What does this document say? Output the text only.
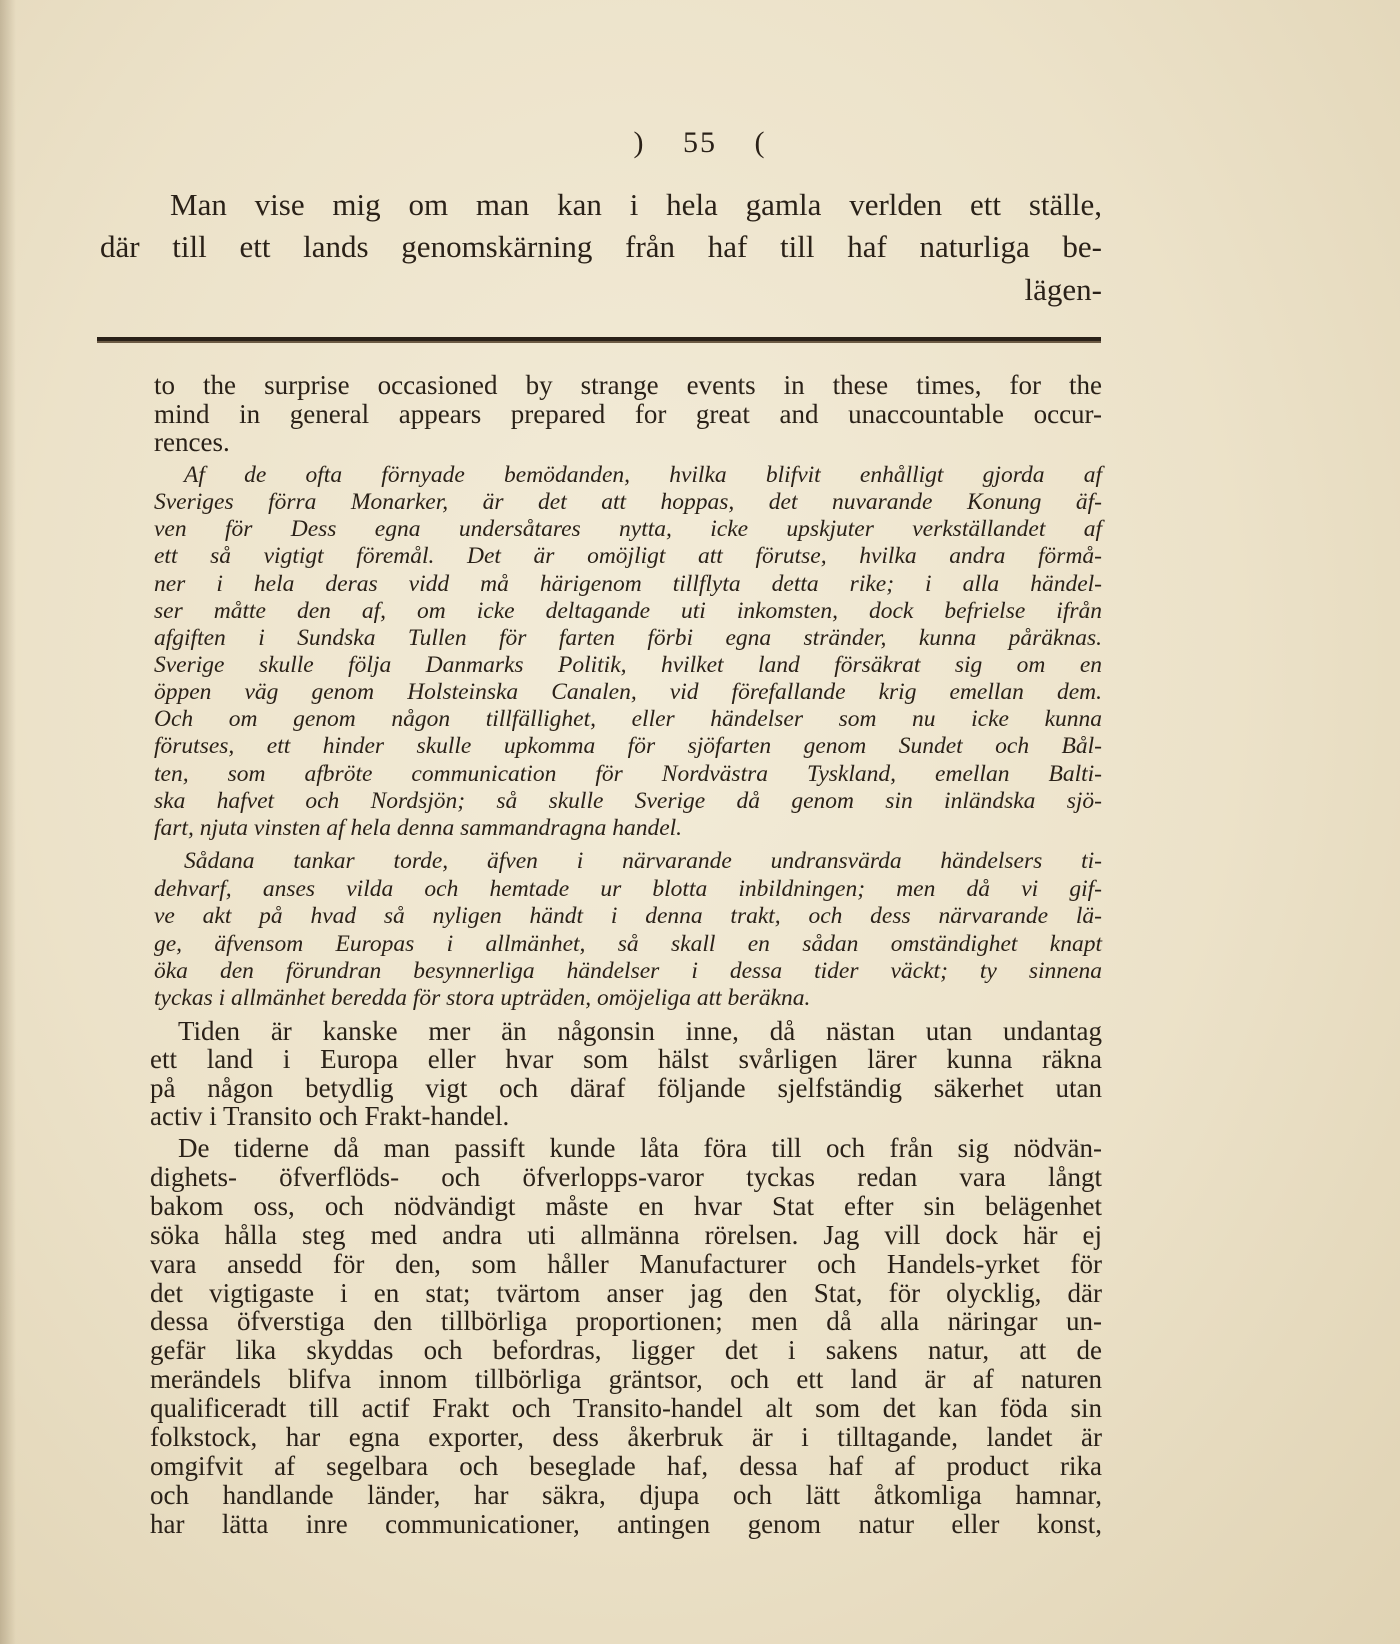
) 55 (
Man vise mig om man kan i hela gamla verlden ett ställe,
där till ett lands genomskärning från haf till haf naturliga be-
lägen-
to the surprise occasioned by strange events in these times, for the
mind in general appears prepared for great and unaccountable occur-
rences.
Af de ofta förnyade bemödanden, hvilka blifvit enhålligt gjorda af
Sveriges förra Monarker, är det att hoppas, det nuvarande Konung äf-
ven för Dess egna undersåtares nytta, icke upskjuter verkställandet af
ett så vigtigt föremål. Det är omöjligt att förutse, hvilka andra förmå-
ner i hela deras vidd må härigenom tillflyta detta rike; i alla händel-
ser måtte den af, om icke deltagande uti inkomsten, dock befrielse ifrån
afgiften i Sundska Tullen för farten förbi egna stränder, kunna påräknas.
Sverige skulle följa Danmarks Politik, hvilket land försäkrat sig om en
öppen väg genom Holsteinska Canalen, vid förefallande krig emellan dem.
Och om genom någon tillfällighet, eller händelser som nu icke kunna
förutses, ett hinder skulle upkomma för sjöfarten genom Sundet och Bål-
ten, som afbröte communication för Nordvästra Tyskland, emellan Balti-
ska hafvet och Nordsjön; så skulle Sverige då genom sin inländska sjö-
fart, njuta vinsten af hela denna sammandragna handel.
Sådana tankar torde, äfven i närvarande undransvärda händelsers ti-
dehvarf, anses vilda och hemtade ur blotta inbildningen; men då vi gif-
ve akt på hvad så nyligen händt i denna trakt, och dess närvarande lä-
ge, äfvensom Europas i allmänhet, så skall en sådan omständighet knapt
öka den förundran besynnerliga händelser i dessa tider väckt; ty sinnena
tyckas i allmänhet beredda för stora upträden, omöjeliga att beräkna.
Tiden är kanske mer än någonsin inne, då nästan utan undantag
ett land i Europa eller hvar som hälst svårligen lärer kunna räkna
på någon betydlig vigt och däraf följande sjelfständig säkerhet utan
activ i Transito och Frakt-handel.
De tiderne då man passift kunde låta föra till och från sig nödvän-
dighets- öfverflöds- och öfverlopps-varor tyckas redan vara långt
bakom oss, och nödvändigt måste en hvar Stat efter sin belägenhet
söka hålla steg med andra uti allmänna rörelsen. Jag vill dock här ej
vara ansedd för den, som håller Manufacturer och Handels-yrket för
det vigtigaste i en stat; tvärtom anser jag den Stat, för olycklig, där
dessa öfverstiga den tillbörliga proportionen; men då alla näringar un-
gefär lika skyddas och befordras, ligger det i sakens natur, att de
merändels blifva innom tillbörliga gräntsor, och ett land är af naturen
qualificeradt till actif Frakt och Transito-handel alt som det kan föda sin
folkstock, har egna exporter, dess åkerbruk är i tilltagande, landet är
omgifvit af segelbara och beseglade haf, dessa haf af product rika
och handlande länder, har säkra, djupa och lätt åtkomliga hamnar,
har lätta inre communicationer, antingen genom natur eller konst,
